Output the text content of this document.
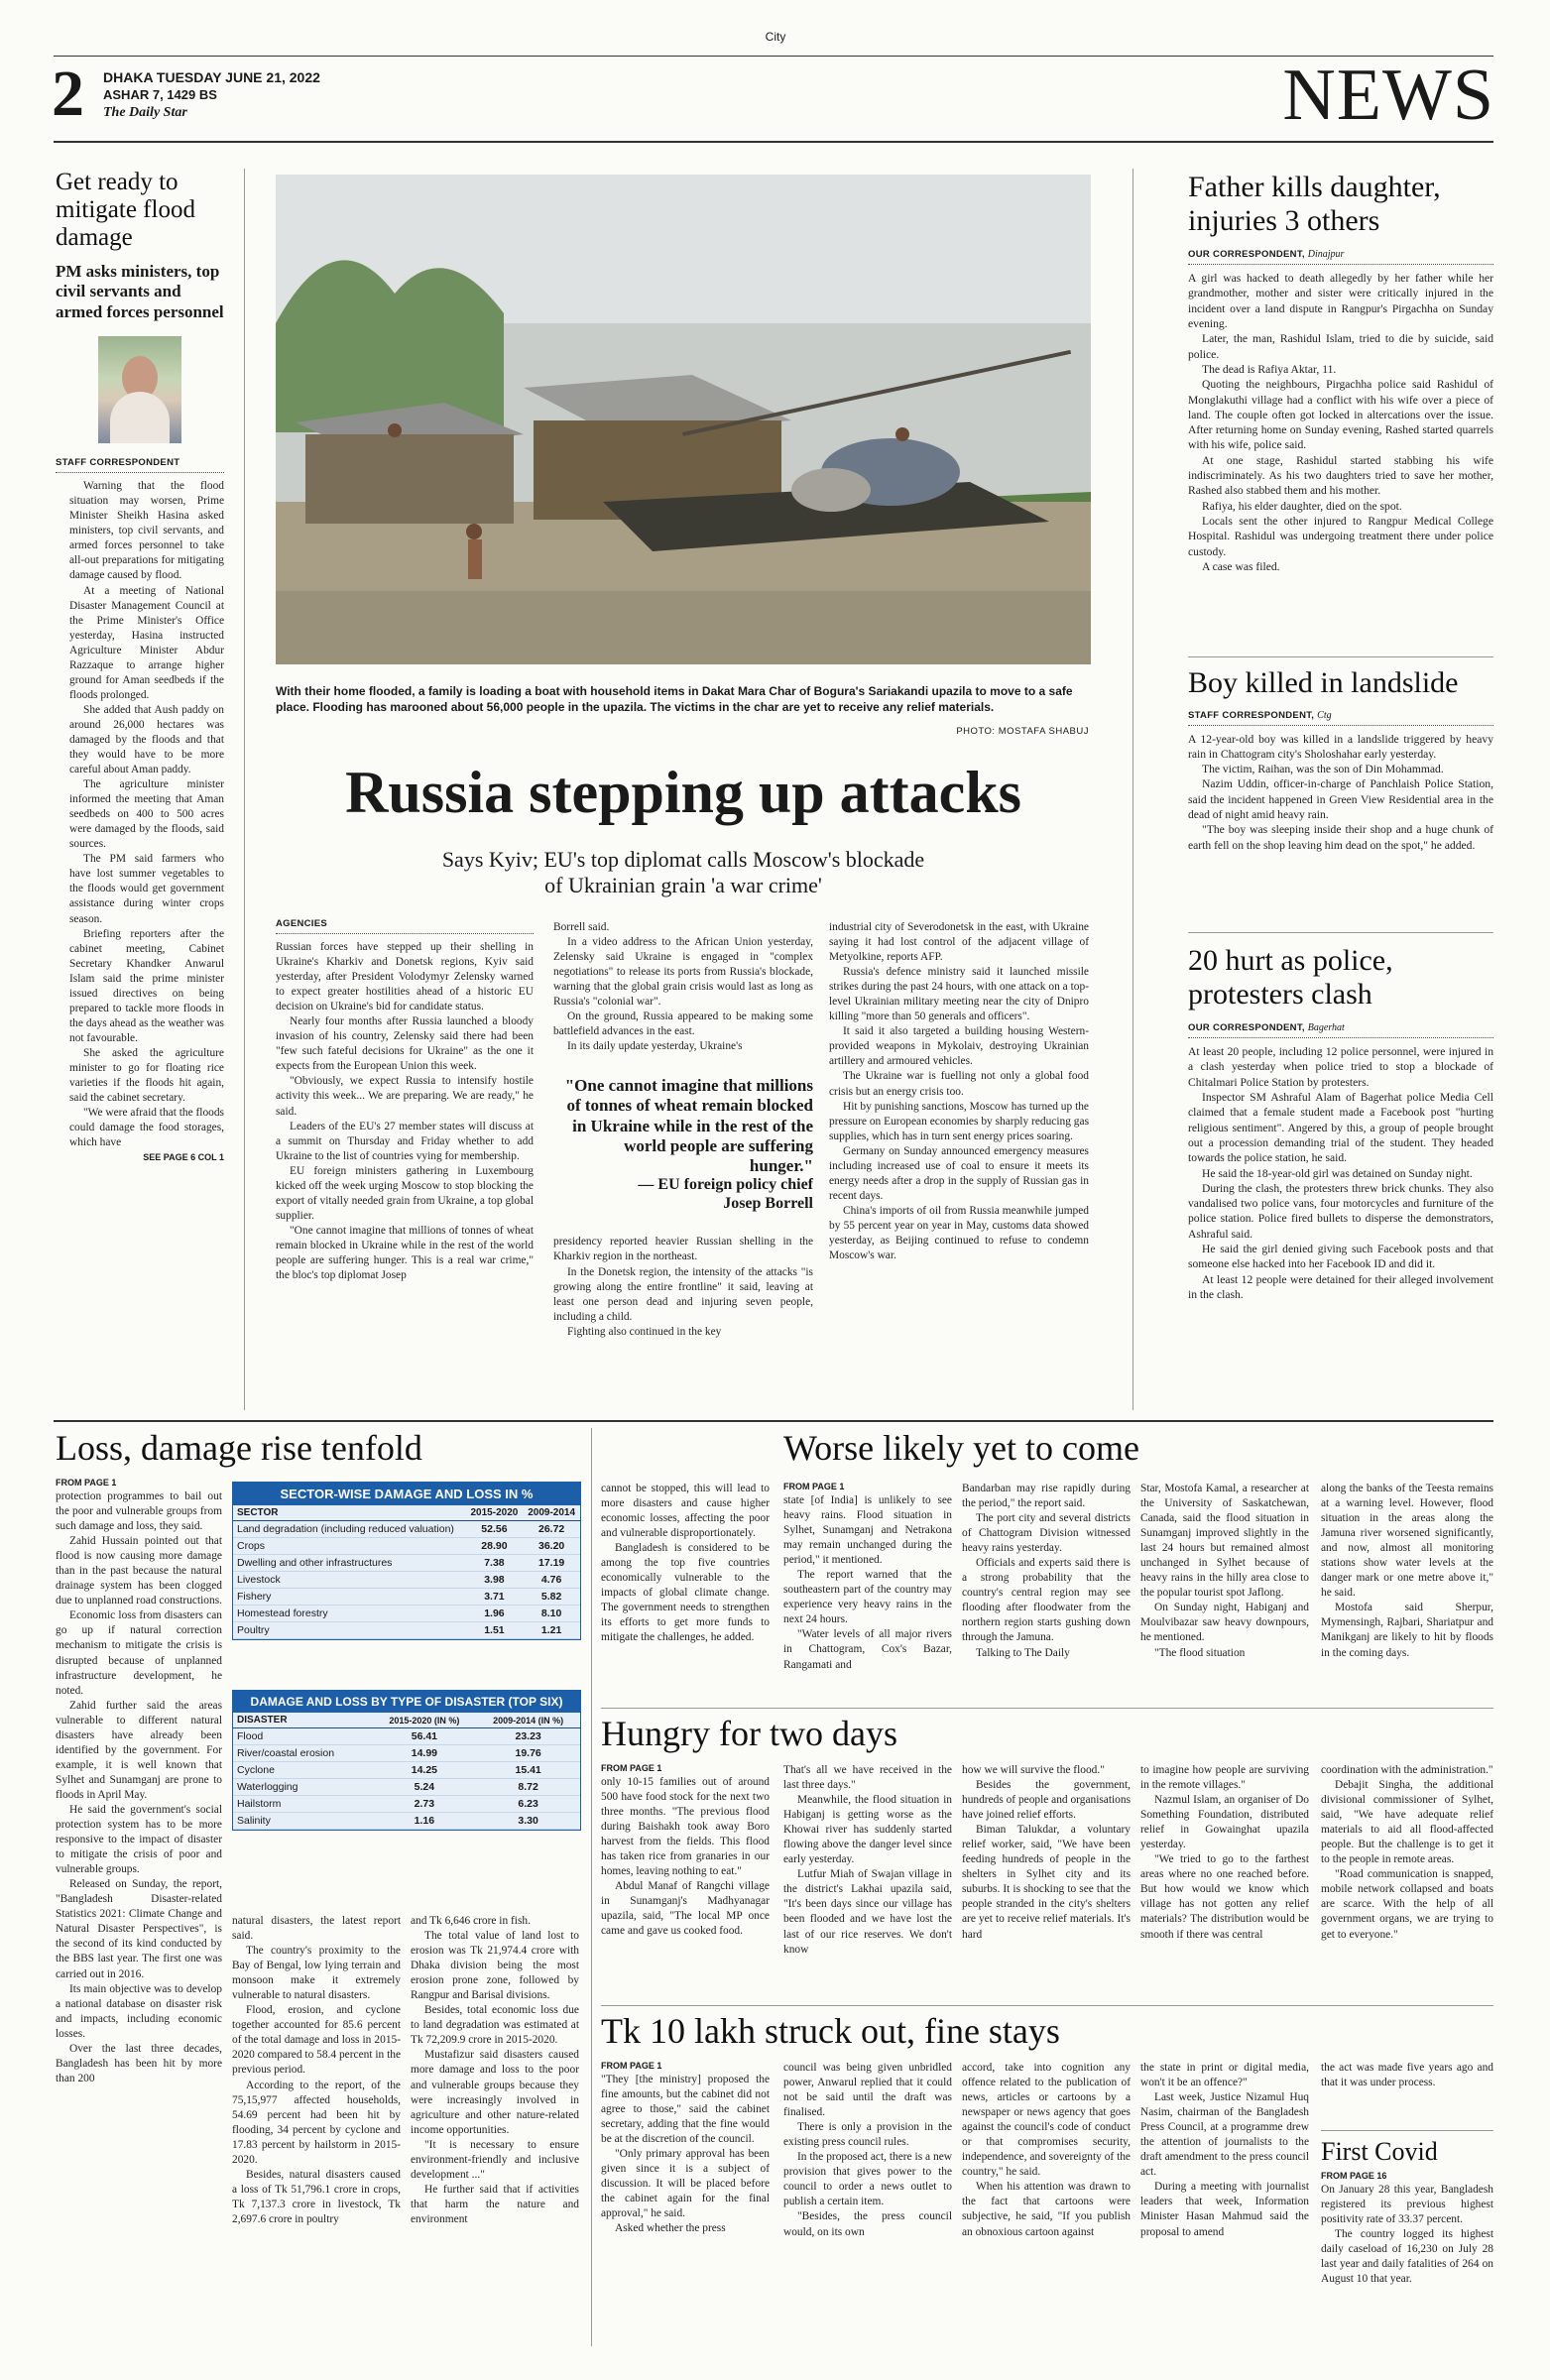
City
2 DHAKA TUESDAY JUNE 21, 2022
ASHAR 7, 1429 BS
The Daily Star	NEWS
Get ready to mitigate flood damage
PM asks ministers, top civil servants and armed forces personnel
STAFF CORRESPONDENT

Warning that the flood situation may worsen, Prime Minister Sheikh Hasina asked ministers, top civil servants, and armed forces personnel to take all-out preparations for mitigating damage caused by flood.

At a meeting of National Disaster Management Council at the Prime Minister's Office yesterday, Hasina instructed Agriculture Minister Abdur Razzaque to arrange higher ground for Aman seedbeds if the floods prolonged.

She added that Aush paddy on around 26,000 hectares was damaged by the floods and that they would have to be more careful about Aman paddy.

The agriculture minister informed the meeting that Aman seedbeds on 400 to 500 acres were damaged by the floods, said sources.

The PM said farmers who have lost summer vegetables to the floods would get government assistance during winter crops season.

Briefing reporters after the cabinet meeting, Cabinet Secretary Khandker Anwarul Islam said the prime minister issued directives on being prepared to tackle more floods in the days ahead as the weather was not favourable.

She asked the agriculture minister to go for floating rice varieties if the floods hit again, said the cabinet secretary.

"We were afraid that the floods could damage the food storages, which have

SEE PAGE 6 COL 1
With their home flooded, a family is loading a boat with household items in Dakat Mara Char of Bogura's Sariakandi upazila to move to a safe place. Flooding has marooned about 56,000 people in the upazila. The victims in the char are yet to receive any relief materials.
PHOTO: MOSTAFA SHABUJ
Russia stepping up attacks
Says Kyiv; EU's top diplomat calls Moscow's blockade
of Ukrainian grain 'a war crime'
AGENCIES

Russian forces have stepped up their shelling in Ukraine's Kharkiv and Donetsk regions, Kyiv said yesterday, after President Volodymyr Zelensky warned to expect greater hostilities ahead of a historic EU decision on Ukraine's bid for candidate status.

Nearly four months after Russia launched a bloody invasion of his country, Zelensky said there had been "few such fateful decisions for Ukraine" as the one it expects from the European Union this week.

"Obviously, we expect Russia to intensify hostile activity this week... We are preparing. We are ready," he said.

Leaders of the EU's 27 member states will discuss at a summit on Thursday and Friday whether to add Ukraine to the list of countries vying for membership.

EU foreign ministers gathering in Luxembourg kicked off the week urging Moscow to stop blocking the export of vitally needed grain from Ukraine, a top global supplier.

"One cannot imagine that millions of tonnes of wheat remain blocked in Ukraine while in the rest of the world people are suffering hunger. This is a real war crime," the bloc's top diplomat Josep

Borrell said.

In a video address to the African Union yesterday, Zelensky said Ukraine is engaged in "complex negotiations" to release its ports from Russia's blockade, warning that the global grain crisis would last as long as Russia's "colonial war".

On the ground, Russia appeared to be making some battlefield advances in the east.

In its daily update yesterday, Ukraine's

"One cannot imagine that millions of tonnes of wheat remain blocked in Ukraine while in the rest of the world people are suffering hunger."
— EU foreign policy chief
Josep Borrell

presidency reported heavier Russian shelling in the Kharkiv region in the northeast.

In the Donetsk region, the intensity of the attacks "is growing along the entire frontline" it said, leaving at least one person dead and injuring seven people, including a child.

Fighting also continued in the key

industrial city of Severodonetsk in the east, with Ukraine saying it had lost control of the adjacent village of Metyolkine, reports AFP.

Russia's defence ministry said it launched missile strikes during the past 24 hours, with one attack on a top-level Ukrainian military meeting near the city of Dnipro killing "more than 50 generals and officers".

It said it also targeted a building housing Western-provided weapons in Mykolaiv, destroying Ukrainian artillery and armoured vehicles.

The Ukraine war is fuelling not only a global food crisis but an energy crisis too.

Hit by punishing sanctions, Moscow has turned up the pressure on European economies by sharply reducing gas supplies, which has in turn sent energy prices soaring.

Germany on Sunday announced emergency measures including increased use of coal to ensure it meets its energy needs after a drop in the supply of Russian gas in recent days.

China's imports of oil from Russia meanwhile jumped by 55 percent year on year in May, customs data showed yesterday, as Beijing continued to refuse to condemn Moscow's war.

Father kills daughter,
injuries 3 others
OUR CORRESPONDENT, Dinajpur

A girl was hacked to death allegedly by her father while her grandmother, mother and sister were critically injured in the incident over a land dispute in Rangpur's Pirgachha on Sunday evening.

Later, the man, Rashidul Islam, tried to die by suicide, said police.

The dead is Rafiya Aktar, 11.

Quoting the neighbours, Pirgachha police said Rashidul of Monglakuthi village had a conflict with his wife over a piece of land. The couple often got locked in altercations over the issue. After returning home on Sunday evening, Rashed started quarrels with his wife, police said.

At one stage, Rashidul started stabbing his wife indiscriminately. As his two daughters tried to save her mother, Rashed also stabbed them and his mother.

Rafiya, his elder daughter, died on the spot.

Locals sent the other injured to Rangpur Medical College Hospital. Rashidul was undergoing treatment there under police custody.

A case was filed.

Boy killed in landslide
STAFF CORRESPONDENT, Ctg

A 12-year-old boy was killed in a landslide triggered by heavy rain in Chattogram city's Sholoshahar early yesterday.

The victim, Raihan, was the son of Din Mohammad.

Nazim Uddin, officer-in-charge of Panchlaish Police Station, said the incident happened in Green View Residential area in the dead of night amid heavy rain.

"The boy was sleeping inside their shop and a huge chunk of earth fell on the shop leaving him dead on the spot," he added.

20 hurt as police,
protesters clash
OUR CORRESPONDENT, Bagerhat

At least 20 people, including 12 police personnel, were injured in a clash yesterday when police tried to stop a blockade of Chitalmari Police Station by protesters.

Inspector SM Ashraful Alam of Bagerhat police Media Cell claimed that a female student made a Facebook post "hurting religious sentiment". Angered by this, a group of people brought out a procession demanding trial of the student. They headed towards the police station, he said.

He said the 18-year-old girl was detained on Sunday night.

During the clash, the protesters threw brick chunks. They also vandalised two police vans, four motorcycles and furniture of the police station. Police fired bullets to disperse the demonstrators, Ashraful said.

He said the girl denied giving such Facebook posts and that someone else hacked into her Facebook ID and did it.

At least 12 people were detained for their alleged involvement in the clash.

Loss, damage rise tenfold
FROM PAGE 1

protection programmes to bail out the poor and vulnerable groups from such damage and loss, they said.

Zahid Hussain pointed out that flood is now causing more damage than in the past because the natural drainage system has been clogged due to unplanned road constructions.

Economic loss from disasters can go up if natural correction mechanism to mitigate the crisis is disrupted because of unplanned infrastructure development, he noted.

Zahid further said the areas vulnerable to different natural disasters have already been identified by the government. For example, it is well known that Sylhet and Sunamganj are prone to floods in April May.

He said the government's social protection system has to be more responsive to the impact of disaster to mitigate the crisis of poor and vulnerable groups.

Released on Sunday, the report, "Bangladesh Disaster-related Statistics 2021: Climate Change and Natural Disaster Perspectives", is the second of its kind conducted by the BBS last year. The first one was carried out in 2016.

Its main objective was to develop a national database on disaster risk and impacts, including economic losses.

Over the last three decades, Bangladesh has been hit by more than 200

SECTOR-WISE DAMAGE AND LOSS IN %
SECTOR	2015-2020	2009-2014
Land degradation (including reduced valuation)	52.56	26.72
Crops	28.90	36.20
Dwelling and other infrastructures	7.38	17.19
Livestock	3.98	4.76
Fishery	3.71	5.82
Homestead forestry	1.96	8.10
Poultry	1.51	1.21
DAMAGE AND LOSS BY TYPE OF DISASTER (TOP SIX)
DISASTER	2015-2020 (IN %)	2009-2014 (IN %)
Flood	56.41	23.23
River/coastal erosion	14.99	19.76
Cyclone	14.25	15.41
Waterlogging	5.24	8.72
Hailstorm	2.73	6.23
Salinity	1.16	3.30

cannot be stopped, this will lead to more disasters and cause higher economic losses, affecting the poor and vulnerable disproportionately.

Bangladesh is considered to be among the top five countries economically vulnerable to the impacts of global climate change. The government needs to strengthen its efforts to get more funds to mitigate the challenges, he added.

natural disasters, the latest report said.

The country's proximity to the Bay of Bengal, low lying terrain and monsoon make it extremely vulnerable to natural disasters.

Flood, erosion, and cyclone together accounted for 85.6 percent of the total damage and loss in 2015-2020 compared to 58.4 percent in the previous period.

According to the report, of the 75,15,977 affected households, 54.69 percent had been hit by flooding, 34 percent by cyclone and 17.83 percent by hailstorm in 2015-2020.

Besides, natural disasters caused a loss of Tk 51,796.1 crore in crops, Tk 7,137.3 crore in livestock, Tk 2,697.6 crore in poultry

and Tk 6,646 crore in fish.

The total value of land lost to erosion was Tk 21,974.4 crore with Dhaka division being the most erosion prone zone, followed by Rangpur and Barisal divisions.

Besides, total economic loss due to land degradation was estimated at Tk 72,209.9 crore in 2015-2020.

Mustafizur said disasters caused more damage and loss to the poor and vulnerable groups because they were increasingly involved in agriculture and other nature-related income opportunities.

"It is necessary to ensure environment-friendly and inclusive development ..."

He further said that if activities that harm the nature and environment

Worse likely yet to come
FROM PAGE 1

state [of India] is unlikely to see heavy rains. Flood situation in Sylhet, Sunamganj and Netrakona may remain unchanged during the period," it mentioned.

The report warned that the southeastern part of the country may experience very heavy rains in the next 24 hours.

"Water levels of all major rivers in Chattogram, Cox's Bazar, Rangamati and

Bandarban may rise rapidly during the period," the report said.

The port city and several districts of Chattogram Division witnessed heavy rains yesterday.

Officials and experts said there is a strong probability that the country's central region may see flooding after floodwater from the northern region starts gushing down through the Jamuna.

Talking to The Daily

Star, Mostofa Kamal, a researcher at the University of Saskatchewan, Canada, said the flood situation in Sunamganj improved slightly in the last 24 hours but remained almost unchanged in Sylhet because of heavy rains in the hilly area close to the popular tourist spot Jaflong.

On Sunday night, Habiganj and Moulvibazar saw heavy downpours, he mentioned.

"The flood situation

along the banks of the Teesta remains at a warning level. However, flood situation in the areas along the Jamuna river worsened significantly, and now, almost all monitoring stations show water levels at the danger mark or one metre above it," he said.

Mostofa said Sherpur, Mymensingh, Rajbari, Shariatpur and Manikganj are likely to hit by floods in the coming days.

Hungry for two days
FROM PAGE 1

only 10-15 families out of around 500 have food stock for the next two three months. "The previous flood during Baishakh took away Boro harvest from the fields. This flood has taken rice from granaries in our homes, leaving nothing to eat."

Abdul Manaf of Rangchi village in Sunamganj's Madhyanagar upazila, said, "The local MP once came and gave us cooked food.

That's all we have received in the last three days."

Meanwhile, the flood situation in Habiganj is getting worse as the Khowai river has suddenly started flowing above the danger level since early yesterday.

Lutfur Miah of Swajan village in the district's Lakhai upazila said, "It's been days since our village has been flooded and we have lost the last of our rice reserves. We don't know

how we will survive the flood."

Besides the government, hundreds of people and organisations have joined relief efforts.

Biman Talukdar, a voluntary relief worker, said, "We have been feeding hundreds of people in the shelters in Sylhet city and its suburbs. It is shocking to see that the people stranded in the city's shelters are yet to receive relief materials. It's hard

to imagine how people are surviving in the remote villages."

Nazmul Islam, an organiser of Do Something Foundation, distributed relief in Gowainghat upazila yesterday.

"We tried to go to the farthest areas where no one reached before. But how would we know which village has not gotten any relief materials? The distribution would be smooth if there was central

coordination with the administration."

Debajit Singha, the additional divisional commissioner of Sylhet, said, "We have adequate relief materials to aid all flood-affected people. But the challenge is to get it to the people in remote areas.

"Road communication is snapped, mobile network collapsed and boats are scarce. With the help of all government organs, we are trying to get to everyone."

Tk 10 lakh struck out, fine stays
FROM PAGE 1

"They [the ministry] proposed the fine amounts, but the cabinet did not agree to those," said the cabinet secretary, adding that the fine would be at the discretion of the council.

"Only primary approval has been given since it is a subject of discussion. It will be placed before the cabinet again for the final approval," he said.

Asked whether the press

council was being given unbridled power, Anwarul replied that it could not be said until the draft was finalised.

There is only a provision in the existing press council rules.

In the proposed act, there is a new provision that gives power to the council to order a news outlet to publish a certain item.

"Besides, the press council would, on its own

accord, take into cognition any offence related to the publication of news, articles or cartoons by a newspaper or news agency that goes against the council's code of conduct or that compromises security, independence, and sovereignty of the country," he said.

When his attention was drawn to the fact that cartoons were subjective, he said, "If you publish an obnoxious cartoon against

the state in print or digital media, won't it be an offence?"

Last week, Justice Nizamul Huq Nasim, chairman of the Bangladesh Press Council, at a programme drew the attention of journalists to the draft amendment to the press council act.

During a meeting with journalist leaders that week, Information Minister Hasan Mahmud said the proposal to amend

the act was made five years ago and that it was under process.

First Covid
FROM PAGE 16

On January 28 this year, Bangladesh registered its previous highest positivity rate of 33.37 percent.

The country logged its highest daily caseload of 16,230 on July 28 last year and daily fatalities of 264 on August 10 that year.
